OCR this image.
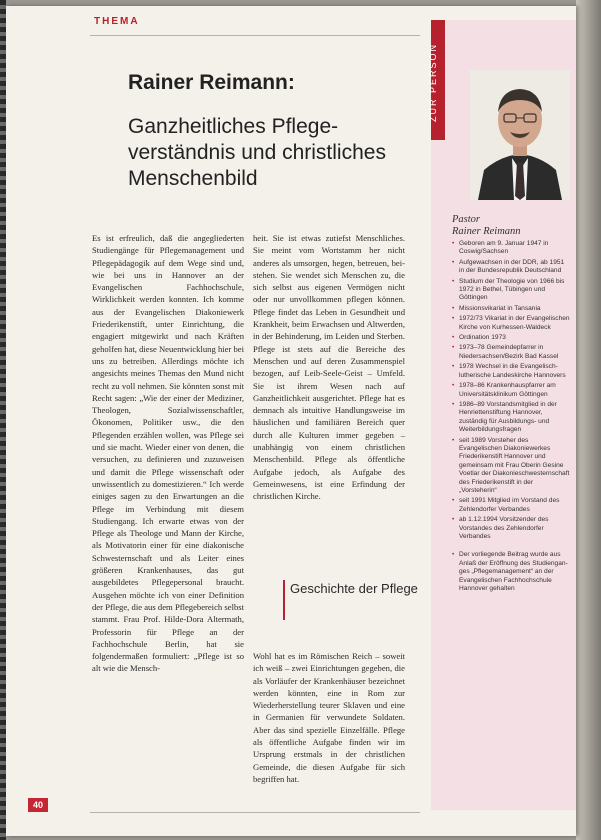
THEMA
Rainer Reimann:
Ganzheitliches Pflegeverständnis und christliches Menschenbild
Es ist erfreulich, daß die angegliederten Studiengänge für Pflegemanagement und Pflegepädagogik auf dem Wege sind und, wie bei uns in Hannover an der Evangelischen Fachhochschule, Wirklichkeit werden konnten. Ich komme aus der Evangelischen Diakoniewerk Friederikenstift, unter Einrichtung, die engagiert mitgewirkt und nach Kräften geholfen hat, diese Neuentwicklung hier bei uns zu betreiben. Allerdings möchte ich angesichts meines Themas den Mund nicht recht zu voll nehmen. Sie könnten sonst mit Recht sagen: „Wie der einer der Mediziner, Theologen, Sozialwissenschaftler, Ökonomen, Politiker usw., die den Pflegenden erzählen wollen, was Pflege sei und sie macht. Wieder einer von denen, die versuchen, zu definieren und zuzuweisen und damit die Pflege wissenschaft oder unwissentlich zu domestizieren.“ Ich werde einiges sagen zu den Erwartungen an die Pflege im Verbindung mit diesem Studiengang. Ich erwarte etwas von der Pflege als Theologe und Mann der Kirche, als Motivatorin einer für eine diakonische Schwesternschaft und als Leiter eines größeren Krankenhauses, das gut ausgebildetes Pflegepersonal braucht. Ausgehen möchte ich von einer Definition der Pflege, die aus dem Pflegebereich selbst stammt. Frau Prof. Hilde-Dora Altermath, Professorin für Pflege an der Fachhochschule Berlin, hat sie folgendermaßen formuliert: „Pflege ist so alt wie die Mensch-
heit. Sie ist etwas zutiefst Menschliches. Sie meint vom Wortstamm her nicht anderes als umsorgen, hegen, betreuen, beistehen. Sie wendet sich Menschen zu, die sich selbst aus eigenen Vermögen nicht oder nur unvollkommen pflegen können. Pflege findet das Leben in Gesundheit und Krankheit, beim Erwachsen und Altwerden, in der Behinderung, im Leiden und Sterben. Pflege ist stets auf die Bereiche des Menschen und auf deren Zusammenspiel bezogen, auf Leib-Seele-Geist – Umfeld. Sie ist ihrem Wesen nach auf Ganzheitlichkeit ausgerichtet. Pflege hat es demnach als intuitive Handlungsweise im häuslichen und familiären Bereich quer durch alle Kulturen immer gegeben – unabhängig von einem christlichen Menschenbild. Pflege als öffentliche Aufgabe jedoch, als Aufgabe des Gemeinwesens, ist eine Erfindung der christlichen Kirche.
Geschichte der Pflege
Wohl hat es im Römischen Reich – soweit ich weiß – zwei Einrichtungen gegeben, die als Vorläufer der Krankenhäuser bezeichnet werden könnten, eine in Rom zur Wiederherstellung teurer Sklaven und eine in Germanien für verwundete Soldaten. Aber das sind spezielle Einzelfälle. Pflege als öffentliche Aufgabe finden wir im Ursprung erstmals in der christlichen Gemeinde, die diesen Aufgabe für sich begriffen hat.
ZUR PERSON
Pastor
Rainer Reimann
• Geboren am 9. Januar 1947 in Coswig/Sachsen
• Aufgewachsen in der DDR, ab 1951 in der Bundesrepublik Deutschland
• Studium der Theologie von 1966 bis 1972 in Bethel, Tübingen und Göttingen
• Missionsvikariat in Tansania
• 1972/73 Vikariat in der Evangelischen Kirche von Kurhessen-Waldeck
• Ordination 1973
• 1973–78 Gemeindepfarrer in Niedersachsen/Bezirk Bad Kassel
• 1978 Wechsel in die Evangelisch-lutherische Landeskirche Hannovers
• 1978–86 Krankenhauspfarrer am Universitätsklinikum Göttingen
• 1986–89 Vorstandsmitglied in der Henriettenstiftung Hannover, zuständig für Ausbildungs- und Weiterbildungsfragen
• seit 1989 Vorsteher des Evangelischen Diakoniewerkes Friederikenstift Hannover und gemeinsam mit Frau Oberin Gesine Voetlar der Diakonieschwesternschaft des Friederikenstift in der „Vorsteherin“
• seit 1991 Mitglied im Vorstand des Zehlendorfer Verbandes
• ab 1.12.1994 Vorsitzender des Vorstandes des Zehlendorfer Verbandes
• Der vorliegende Beitrag wurde aus Anlaß der Eröffnung des Studienganges „Pflegemanagement“ an der Evangelischen Fachhochschule Hannover gehalten
40
